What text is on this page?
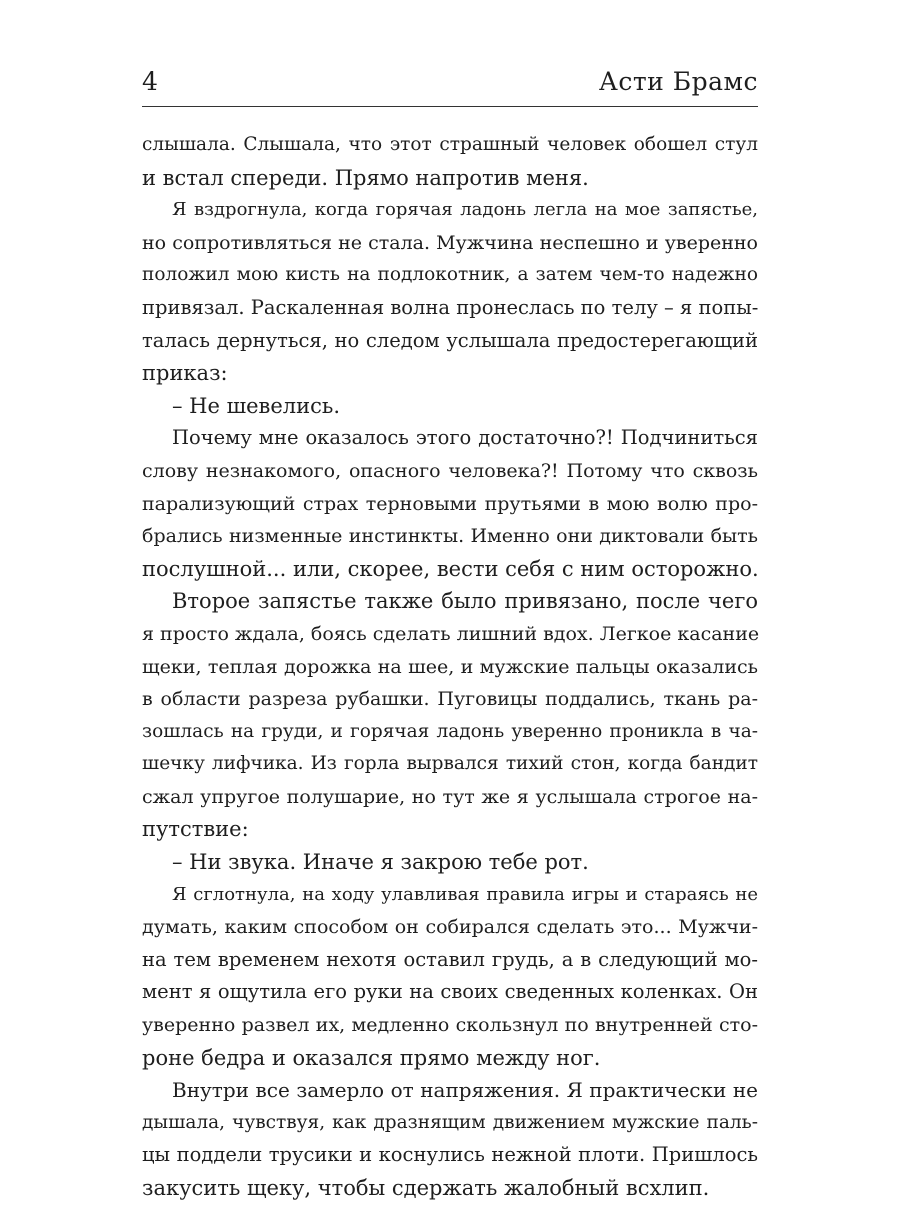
4	Асти Брамс
слышала. Слышала, что этот страшный человек обошел стул
и встал спереди. Прямо напротив меня.
Я вздрогнула, когда горячая ладонь легла на мое запястье,
но сопротивляться не стала. Мужчина неспешно и уверенно
положил мою кисть на подлокотник, а затем чем-то надежно
привязал. Раскаленная волна пронеслась по телу – я попы-
талась дернуться, но следом услышала предостерегающий
приказ:
– Не шевелись.
Почему мне оказалось этого достаточно?! Подчиниться
слову незнакомого, опасного человека?! Потому что сквозь
парализующий страх терновыми прутьями в мою волю про-
брались низменные инстинкты. Именно они диктовали быть
послушной... или, скорее, вести себя с ним осторожно.
Второе запястье также было привязано, после чего
я просто ждала, боясь сделать лишний вдох. Легкое касание
щеки, теплая дорожка на шее, и мужские пальцы оказались
в области разреза рубашки. Пуговицы поддались, ткань ра-
зошлась на груди, и горячая ладонь уверенно проникла в ча-
шечку лифчика. Из горла вырвался тихий стон, когда бандит
сжал упругое полушарие, но тут же я услышала строгое на-
путствие:
– Ни звука. Иначе я закрою тебе рот.
Я сглотнула, на ходу улавливая правила игры и стараясь не
думать, каким способом он собирался сделать это... Мужчи-
на тем временем нехотя оставил грудь, а в следующий мо-
мент я ощутила его руки на своих сведенных коленках. Он
уверенно развел их, медленно скользнул по внутренней сто-
роне бедра и оказался прямо между ног.
Внутри все замерло от напряжения. Я практически не
дышала, чувствуя, как дразнящим движением мужские паль-
цы поддели трусики и коснулись нежной плоти. Пришлось
закусить щеку, чтобы сдержать жалобный всхлип.
